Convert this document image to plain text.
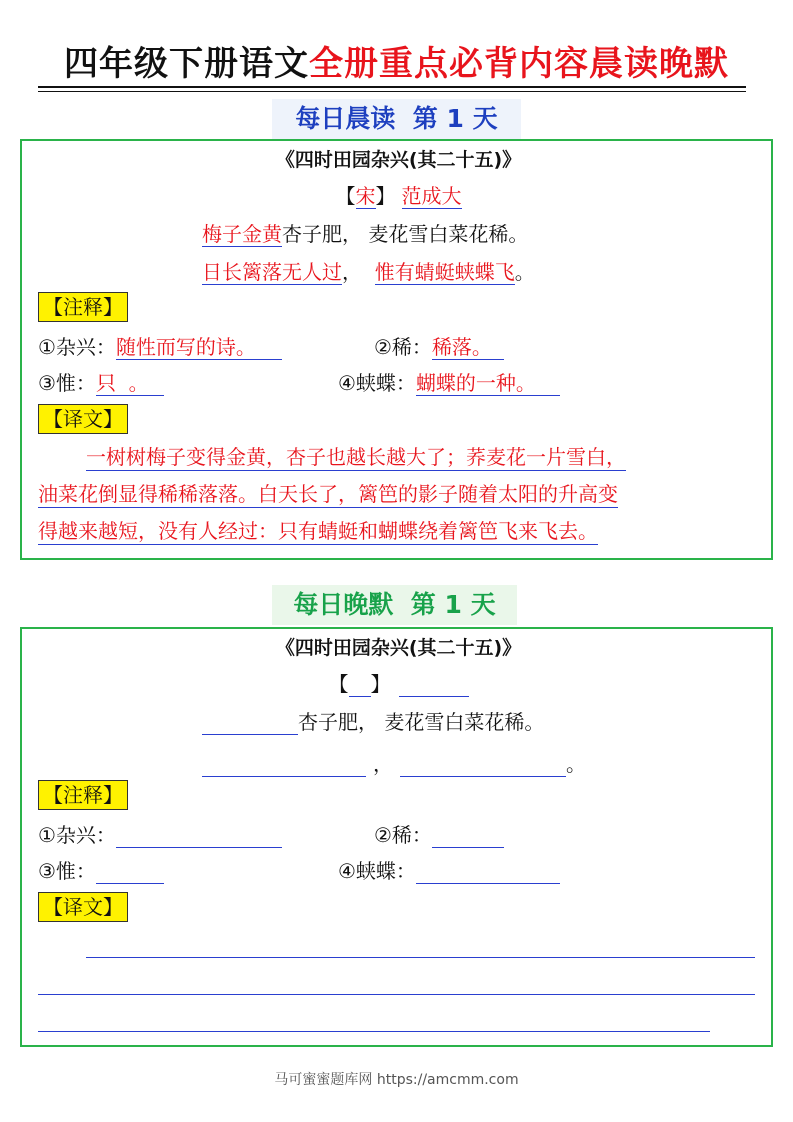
四年级下册语文全册重点必背内容晨读晚默
每日晨读  第 1 天
《四时田园杂兴(其二十五)》
【宋】 范成大
梅子金黄杏子肥， 麦花雪白菜花稀。
日长篱落无人过，  惟有蜻蜓蛱蝶飞。
【注释】
①杂兴：随性而写的诗。	②稀：稀落。
③惟：只  。	④蛱蝶：蝴蝶的一种。
【译文】
一树树梅子变得金黄，杏子也越长越大了；荞麦花一片雪白，
油菜花倒显得稀稀落落。白天长了，篱笆的影子随着太阳的升高变
得越来越短，没有人经过：只有蜻蜓和蝴蝶绕着篱笆飞来飞去。
每日晚默  第 1 天
《四时田园杂兴(其二十五)》
【 】
杏子肥， 麦花雪白菜花稀。
，	。
【注释】
①杂兴：	②稀：
③惟：	④蛱蝶：
【译文】
马可蜜蜜题库网 https://amcmm.com
